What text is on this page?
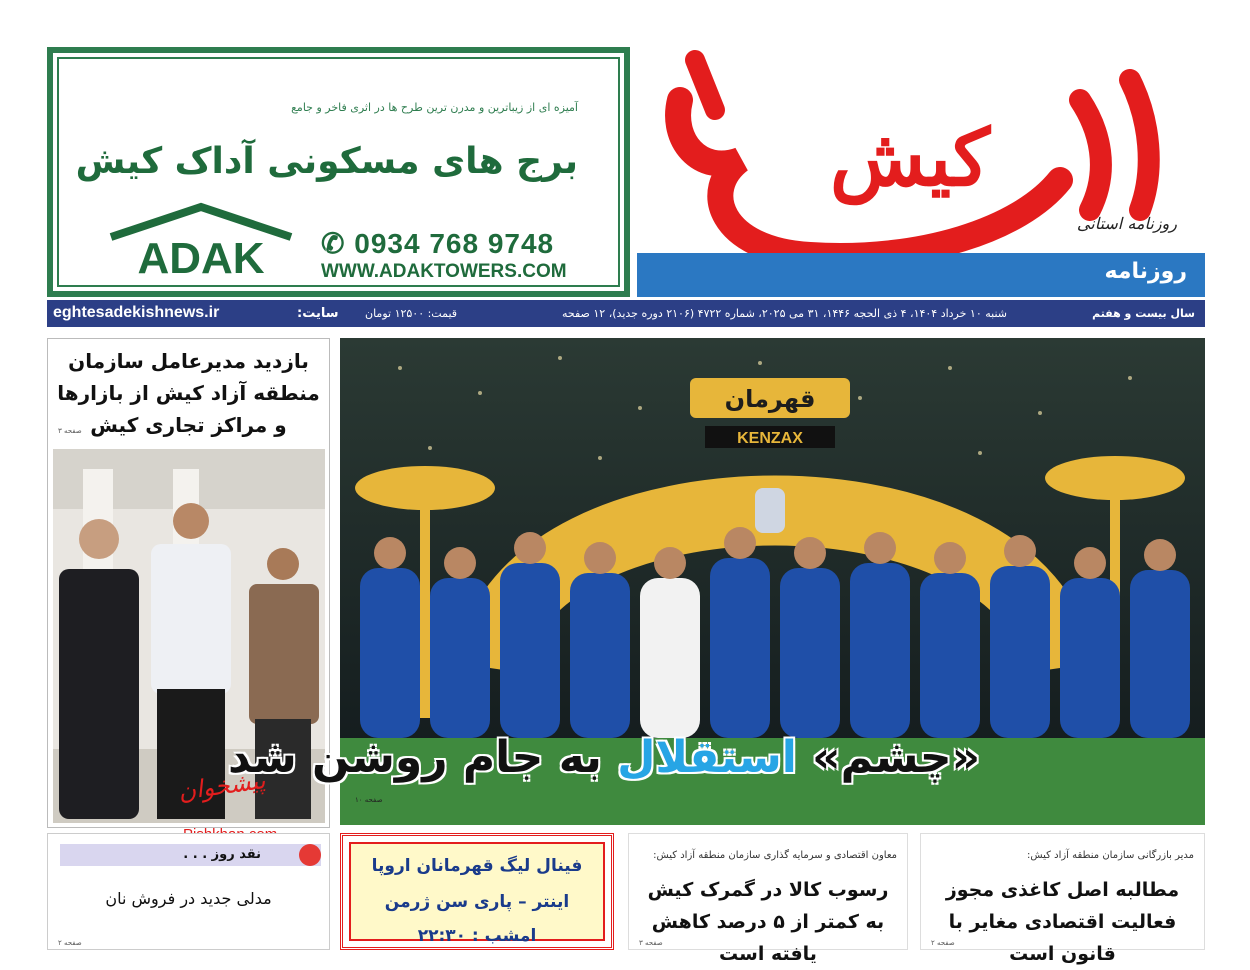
آمیزه ای از زیباترین و مدرن ترین طرح ها در اثری فاخر و جامع
برج های مسکونی آداک کیش
ADAK ✆ 0934 768 9748
WWW.ADAKTOWERS.COM
کیش
روزنامه استانی
روزنامه
سال بیست و هفتم
شنبه ۱۰ خرداد ۱۴۰۴، ۴ ذی الحجه ۱۴۴۶، ۳۱ می ۲۰۲۵، شماره ۴۷۲۲ (۲۱۰۶ دوره جدید)، ۱۲ صفحه
قیمت: ۱۲۵۰۰ تومان
سایت:
eghtesadekishnews.ir
بازدید مدیرعامل سازمان منطقه آزاد کیش از بازارها و مراکز تجاری کیش
صفحه ۳
پیشخوان
قهرمان
KENZAX
«چشم» استقلال به جام روشن شد
صفحه ۱۰
نقد روز . . .
مدلی جدید در فروش نان
صفحه ۲
فینال لیگ قهرمانان اروپا
اینتر – پاری سن ژرمن
امشب : ۲۲:۳۰
معاون اقتصادی و سرمایه گذاری سازمان منطقه آزاد کیش:
رسوب کالا در گمرک کیش به کمتر از ۵ درصد کاهش یافته است
صفحه ۳
مدیر بازرگانی سازمان منطقه آزاد کیش:
مطالبه اصل کاغذی مجوز فعالیت اقتصادی مغایر با قانون است
صفحه ۲
